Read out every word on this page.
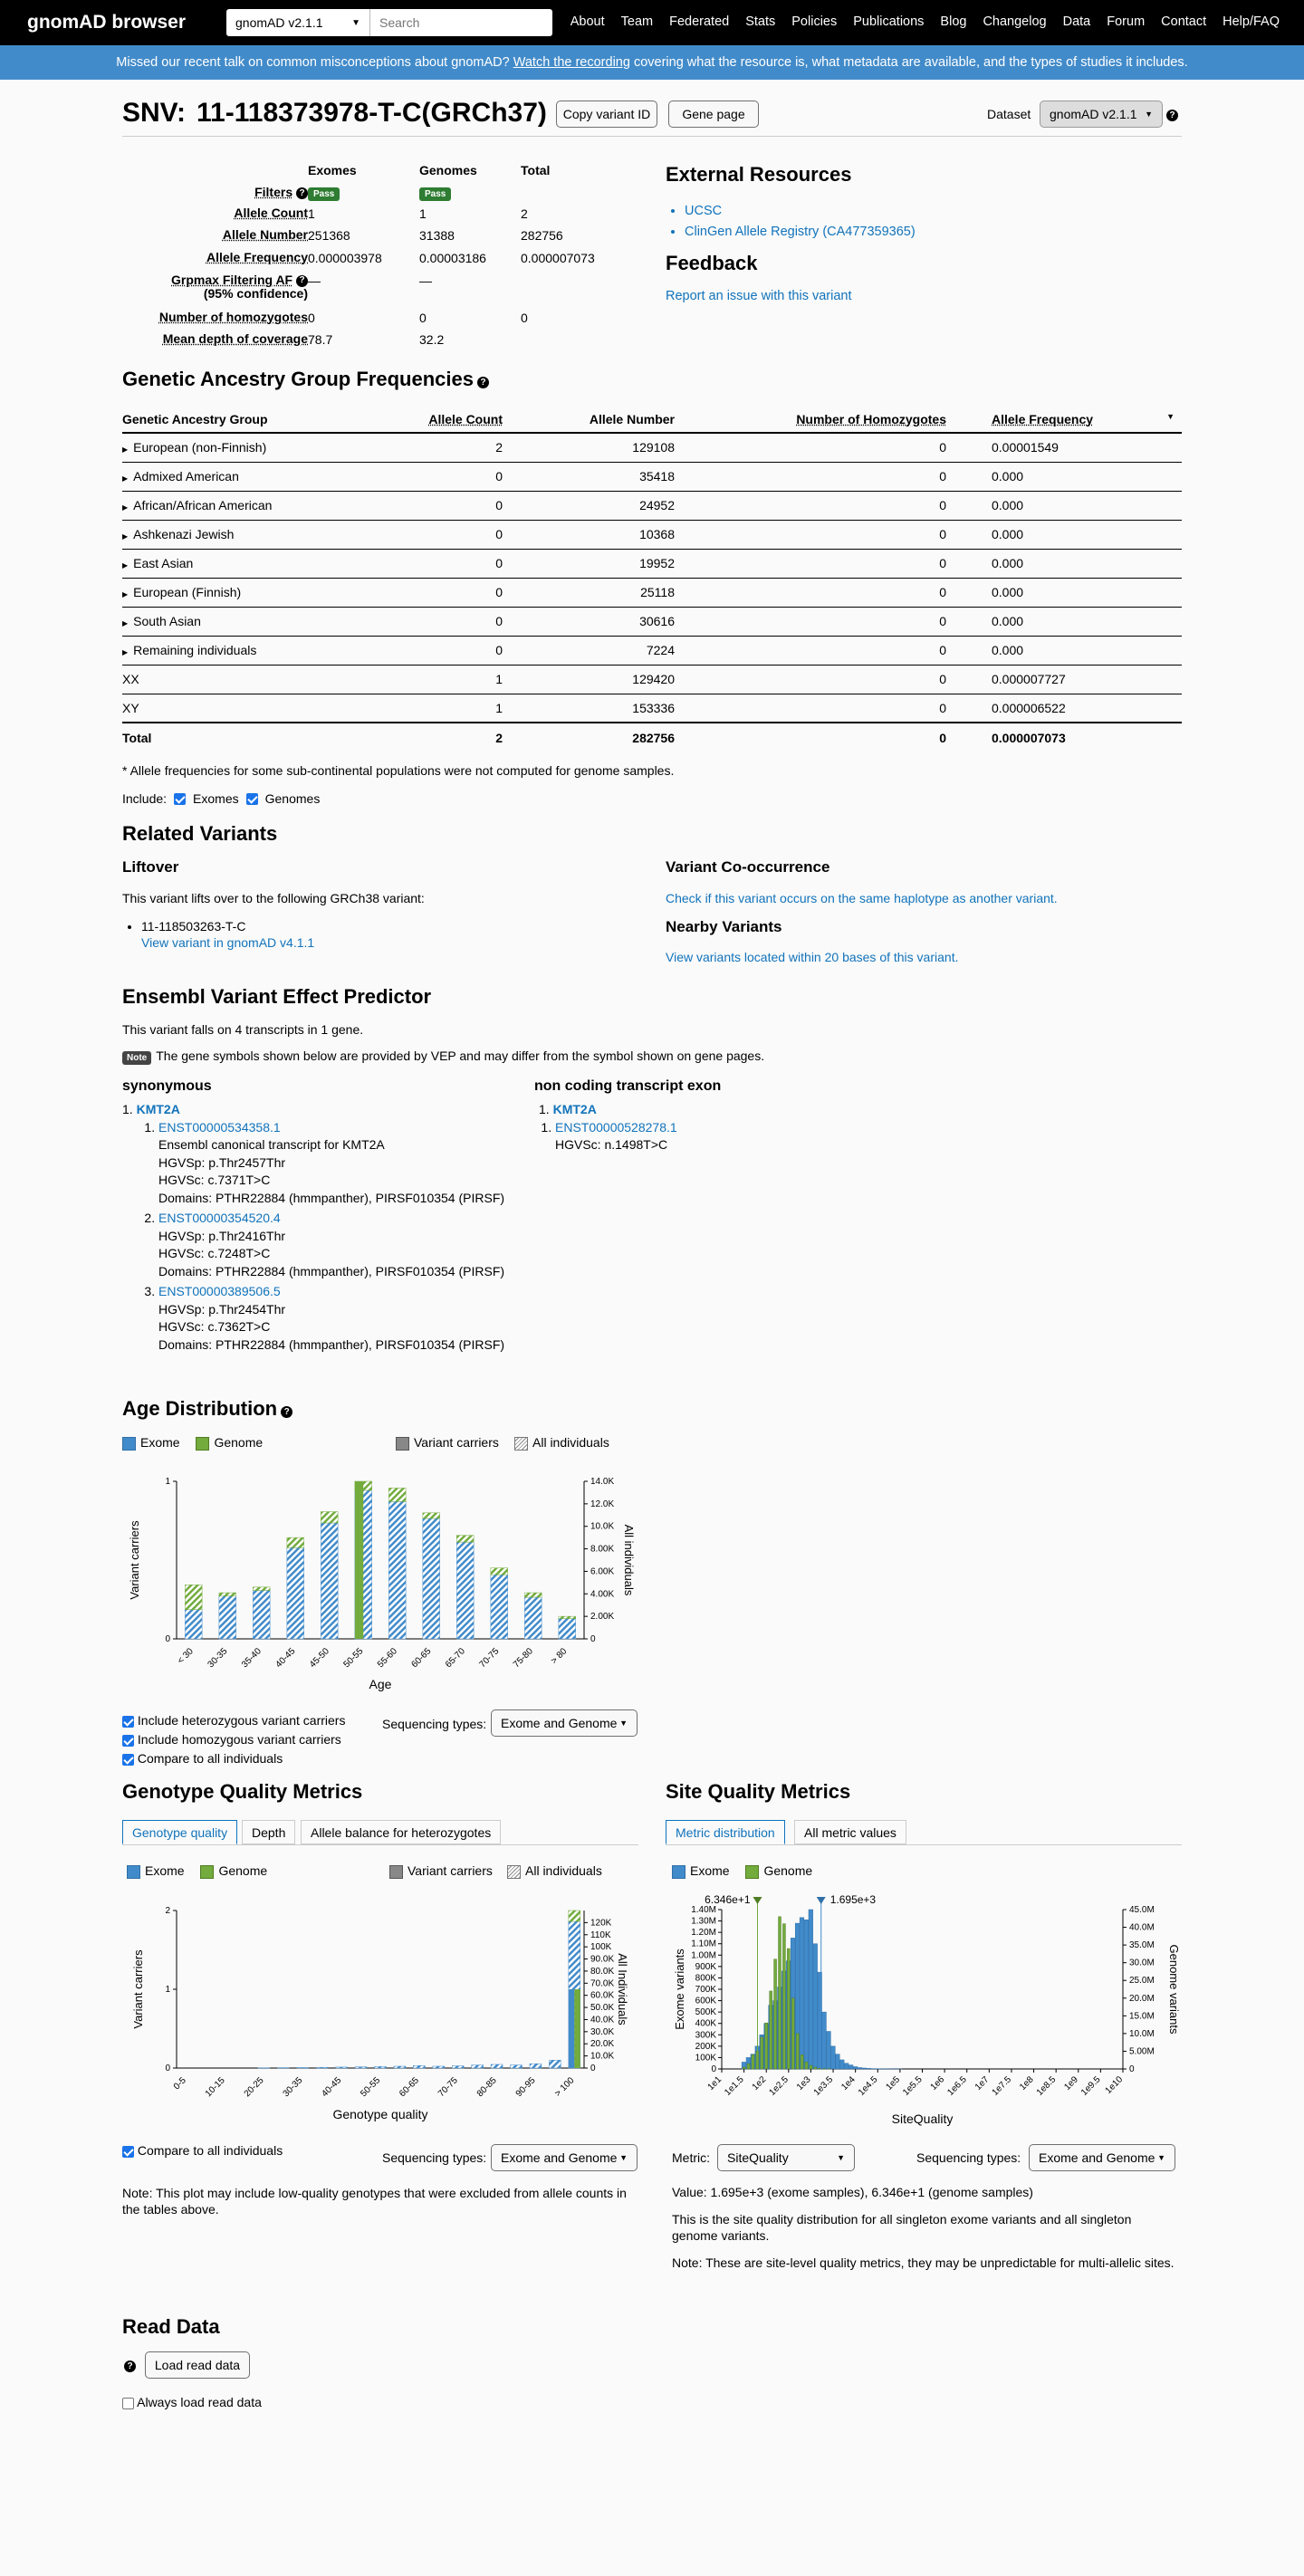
gnomAD browser	gnomAD v2.1.1	▼
Search	About Team Federated Stats Policies Publications Blog Changelog Data Forum Contact Help/FAQ
Missed our recent talk on common misconceptions about gnomAD?
Watch the recording
covering what the resource is, what metadata are available, and the types of studies it includes.
SNV: 11-118373978-T-C(GRCh37)	Copy variant ID	Gene page	Dataset gnomAD v2.1.1 ▼	?
Exomes	Genomes	Total
Filters ? Pass	Pass
Allele Count 1	1	2
Allele Number 251368	31388	282756
Allele Frequency 0.000003978	0.00003186	0.000007073
Grpmax Filtering AF ?
(95% confidence)
—	—
Number of homozygotes 0	0	0
Mean depth of coverage 78.7	32.2
External Resources
• UCSC
• ClinGen Allele Registry (CA477359365)
Feedback
Report an issue with this variant
Genetic Ancestry Group Frequencies ?
Genetic Ancestry Group	Allele Count	Allele Number	Number of Homozygotes	Allele Frequency ▼

▶ European (non-Finnish)	2	129108	0	0.00001549
▶ Admixed American	0	35418	0	0.000
▶ African/African American	0	24952	0	0.000
▶ Ashkenazi Jewish	0	10368	0	0.000
▶ East Asian	0	19952	0	0.000
▶ European (Finnish)	0	25118	0	0.000
▶ South Asian	0	30616	0	0.000
▶ Remaining individuals	0	7224	0	0.000
XX	1	129420	0	0.000007727
XY	1	153336	0	0.000006522
Total	2	282756	0	0.000007073
* Allele frequencies for some sub-continental populations were not computed for genome samples.
Include: Exomes Genomes
Related Variants
Liftover
This variant lifts over to the following GRCh38 variant:
• 11-118503263-T-C
View variant in gnomAD v4.1.1
Variant Co-occurrence
Check if this variant occurs on the same haplotype as another variant.
Nearby Variants
View variants located within 20 bases of this variant.
Ensembl Variant Effect Predictor
This variant falls on 4 transcripts in 1 gene.
Note The gene symbols shown below are provided by VEP and may differ from the symbol shown on gene pages.
synonymous
1. KMT2A
1. ENST00000534358.1
Ensembl canonical transcript for KMT2A
HGVSp: p.Thr2457Thr
HGVSc: c.7371T>C
Domains: PTHR22884 (hmmpanther), PIRSF010354 (PIRSF)
2. ENST00000354520.4
HGVSp: p.Thr2416Thr
HGVSc: c.7248T>C
Domains: PTHR22884 (hmmpanther), PIRSF010354 (PIRSF)
3. ENST00000389506.5
HGVSp: p.Thr2454Thr
HGVSc: c.7362T>C
Domains: PTHR22884 (hmmpanther), PIRSF010354 (PIRSF)
non coding transcript exon
1. KMT2A
1. ENST00000528278.1
HGVSc: n.1498T>C
Age Distribution ?
Exome	Genome	Variant carriers	All individuals
0
1
0
2.00K
4.00K
6.00K
8.00K
10.0K
12.0K
14.0K
< 30 30-35 35-40 40-45 45-50 50-55 55-60 60-65 65-70 70-75 75-80 > 80
Age
Variant carriers	All individuals
Include heterozygous variant carriers
Include homozygous variant carriers
Compare to all individuals
Sequencing types: Exome and Genome ▼
Genotype Quality Metrics
Genotype quality	Depth	Allele balance for heterozygotes
Exome	Genome	Variant carriers	All individuals
0
1
2
0
10.0K
20.0K
30.0K
40.0K
50.0K
60.0K
70.0K
80.0K
90.0K
100K
110K
120K
0-5 10-15 20-25 30-35 40-45 50-55 60-65 70-75 80-85 90-95 > 100
Genotype quality
Variant carriers	All Individuals
Compare to all individuals	Sequencing types: Exome and Genome ▼
Note: This plot may include low-quality genotypes that were excluded from allele counts in the tables above.
Site Quality Metrics
Metric distribution	All metric values
Exome	Genome
0
100K
200K
300K
400K
500K
600K
700K
800K
900K
1.00M
1.10M
1.20M
1.30M
1.40M
0
5.00M
10.0M
15.0M
20.0M
25.0M
30.0M
35.0M
40.0M
45.0M
1e1 1e1.5 1e2 1e2.5 1e3 1e3.5 1e4 1e4.5 1e5 1e5.5 1e6 1e6.5 1e7 1e7.5 1e8 1e8.5 1e9 1e9.5 1e10
6.346e+1	1.695e+3
SiteQuality
Exome variants	Genome variants
Metric: SiteQuality	▼	Sequencing types: Exome and Genome ▼
Value: 1.695e+3 (exome samples), 6.346e+1 (genome samples)
This is the site quality distribution for all singleton exome variants and all singleton genome variants.
Note: These are site-level quality metrics, they may be unpredictable for multi-allelic sites.
Read Data
?	Load read data
Always load read data
